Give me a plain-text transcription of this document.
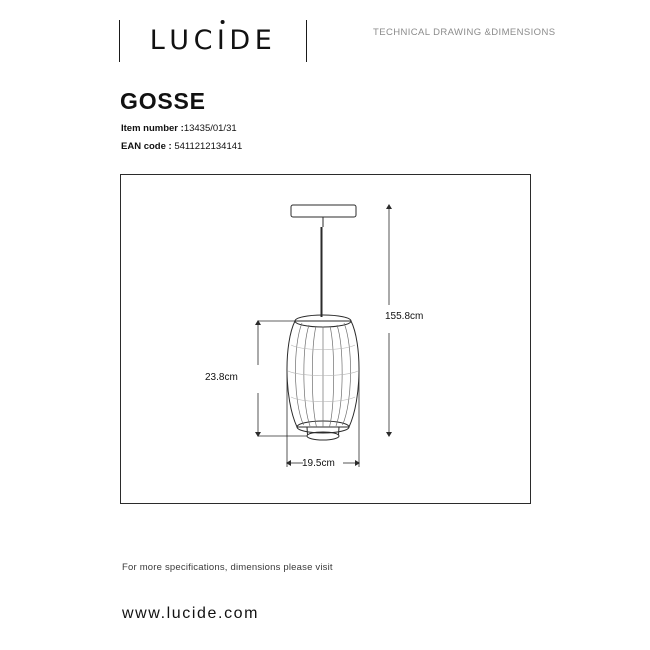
L U C I D E	TECHNICAL DRAWING &DIMENSIONS
GOSSE
Item number :13435/01/31
EAN code : 5411212134141
155.8cm
23.8cm
19.5cm
For more specifications, dimensions please visit
www.lucide.com
